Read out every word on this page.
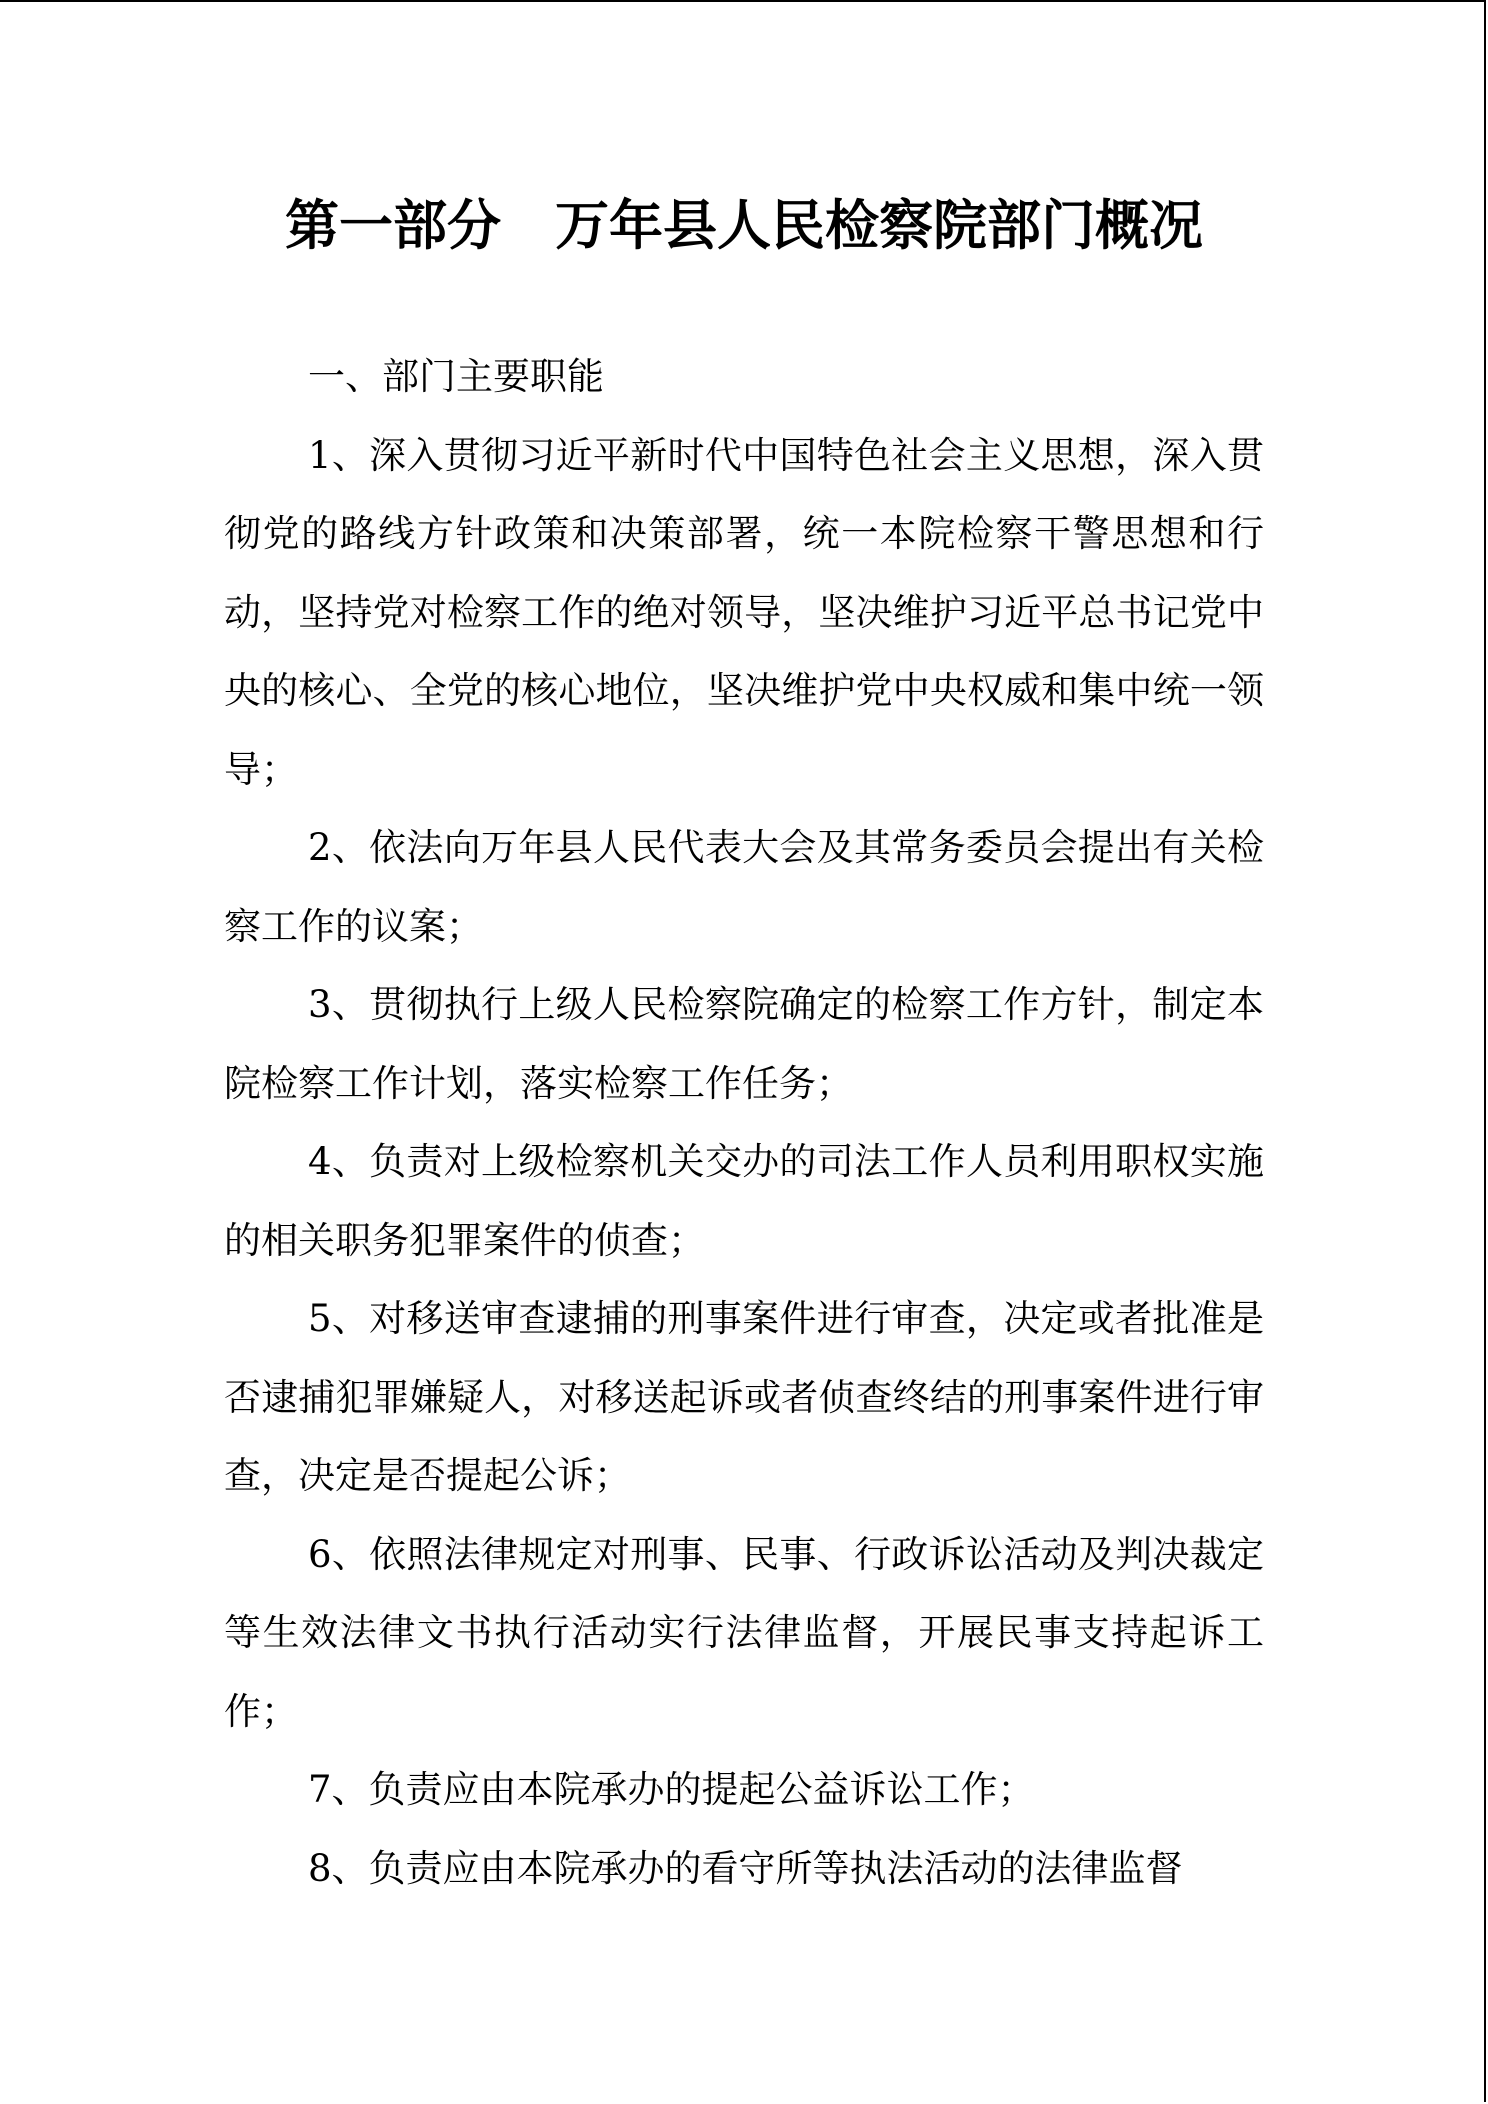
第一部分　万年县人民检察院部门概况

一、部门主要职能

1、深入贯彻习近平新时代中国特色社会主义思想，深入贯彻党的路线方针政策和决策部署，统一本院检察干警思想和行动，坚持党对检察工作的绝对领导，坚决维护习近平总书记党中央的核心、全党的核心地位，坚决维护党中央权威和集中统一领导；

2、依法向万年县人民代表大会及其常务委员会提出有关检察工作的议案；

3、贯彻执行上级人民检察院确定的检察工作方针，制定本院检察工作计划，落实检察工作任务；

4、负责对上级检察机关交办的司法工作人员利用职权实施的相关职务犯罪案件的侦查；

5、对移送审查逮捕的刑事案件进行审查，决定或者批准是否逮捕犯罪嫌疑人，对移送起诉或者侦查终结的刑事案件进行审查，决定是否提起公诉；

6、依照法律规定对刑事、民事、行政诉讼活动及判决裁定等生效法律文书执行活动实行法律监督，开展民事支持起诉工作；

7、负责应由本院承办的提起公益诉讼工作；

8、负责应由本院承办的看守所等执法活动的法律监督
